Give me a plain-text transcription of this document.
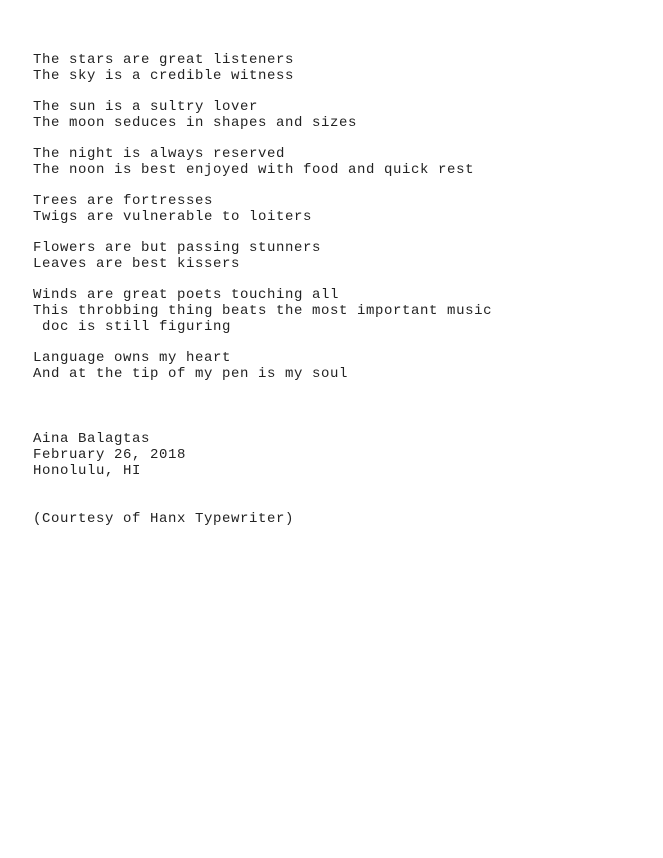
The stars are great listeners
The sky is a credible witness
The sun is a sultry lover
The moon seduces in shapes and sizes
The night is always reserved
The noon is best enjoyed with food and quick rest
Trees are fortresses
Twigs are vulnerable to loiters
Flowers are but passing stunners
Leaves are best kissers
Winds are great poets touching all
This throbbing thing beats the most important music
doc is still figuring
Language owns my heart
And at the tip of my pen is my soul
Aina Balagtas
February 26, 2018
Honolulu, HI
(Courtesy of Hanx Typewriter)
